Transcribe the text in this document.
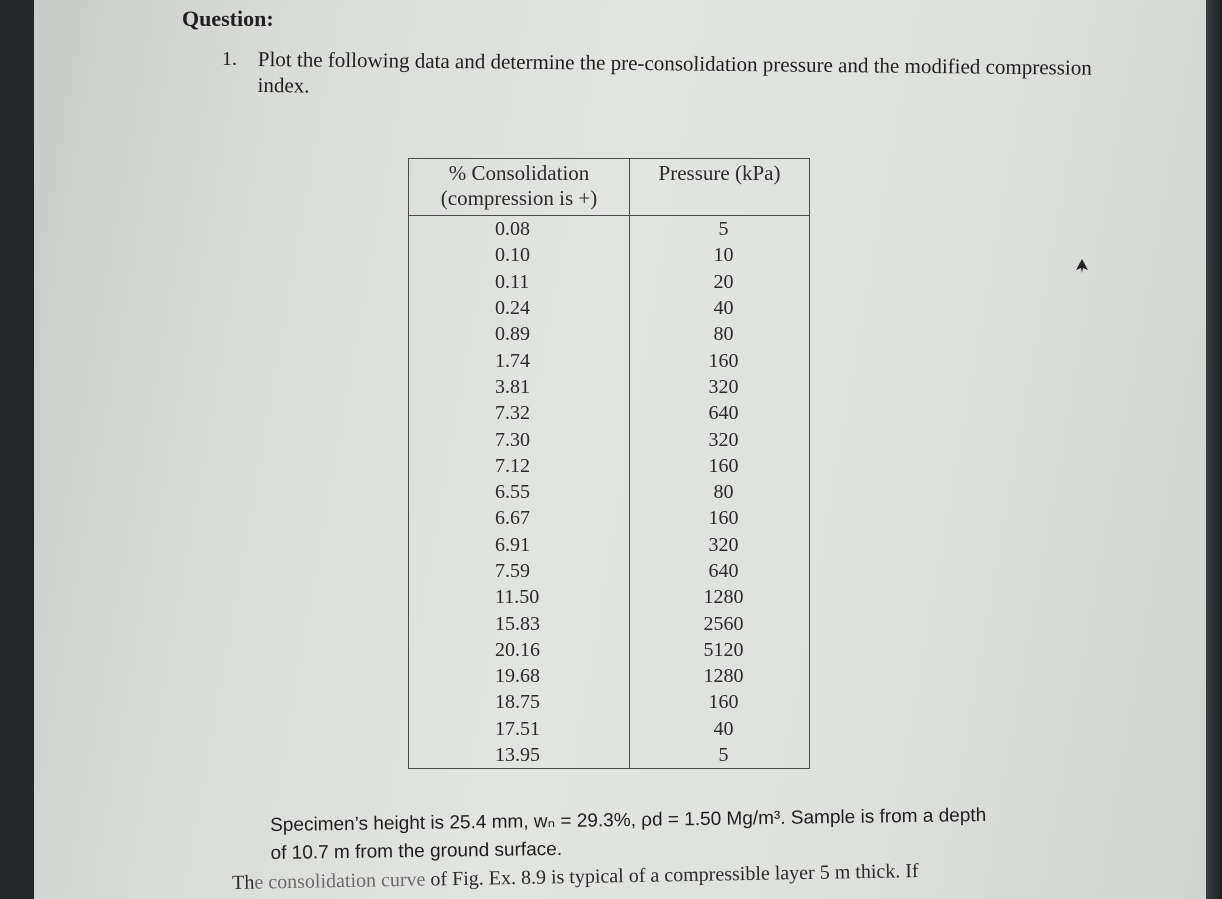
Question:
1. Plot the following data and determine the pre-consolidation pressure and the modified compression index.
% Consolidation
(compression is +)	Pressure (kPa)
0.08	5
0.10	10
0.11	20
0.24	40
0.89	80
1.74	160
3.81	320
7.32	640
7.30	320
7.12	160
6.55	80
6.67	160
6.91	320
7.59	640
11.50	1280
15.83	2560
20.16	5120
19.68	1280
18.75	160
17.51	40
13.95	5
Specimen’s height is 25.4 mm, wₙ = 29.3%, ρd = 1.50 Mg/m³. Sample is from a depth
of 10.7 m from the ground surface.
The consolidation curve of Fig. Ex. 8.9 is typical of a compressible layer 5 m thick. If
